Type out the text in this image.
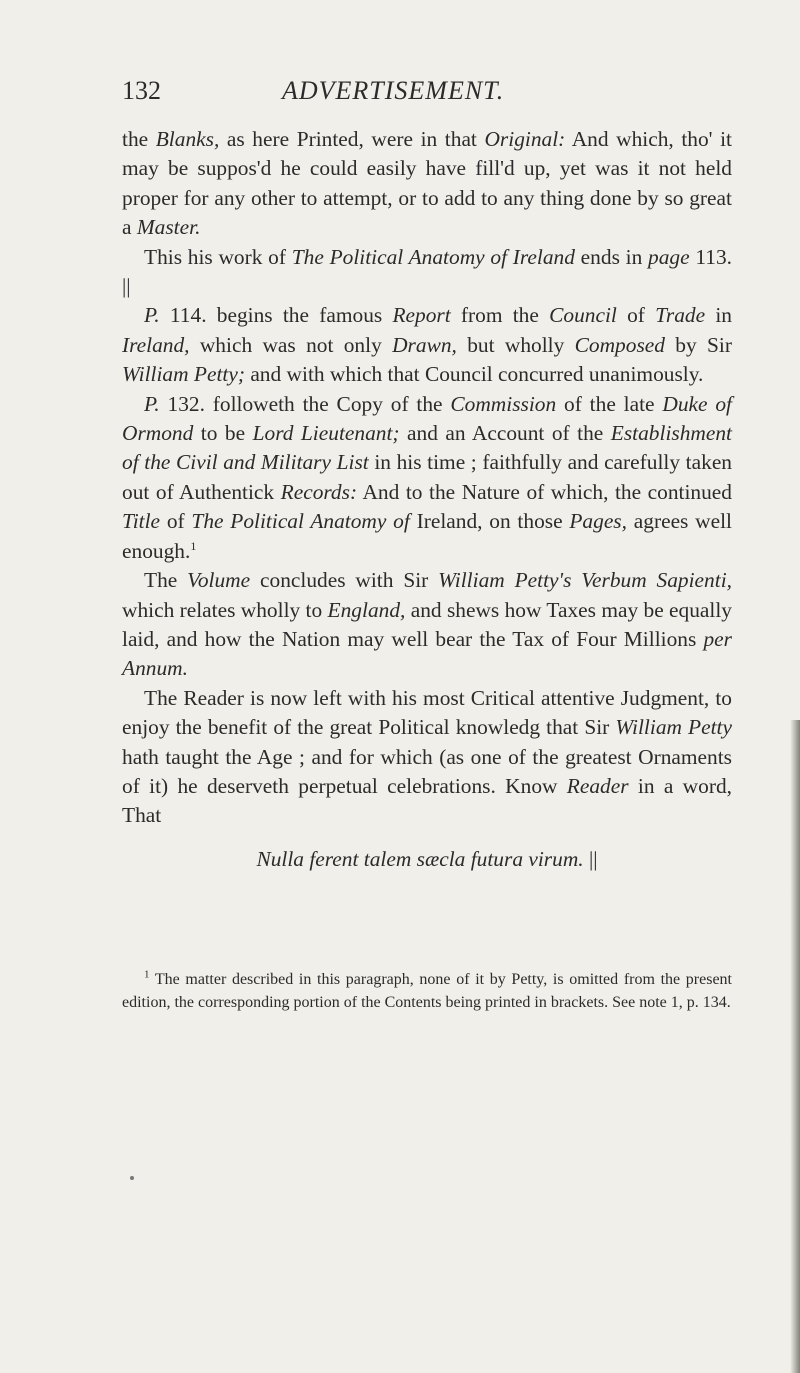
132	ADVERTISEMENT.

the Blanks, as here Printed, were in that Original: And which, tho' it may be suppos'd he could easily have fill'd up, yet was it not held proper for any other to attempt, or to add to any thing done by so great a Master.

This his work of The Political Anatomy of Ireland ends in page 113. ||

P. 114. begins the famous Report from the Council of Trade in Ireland, which was not only Drawn, but wholly Composed by Sir William Petty; and with which that Council concurred unanimously.

P. 132. followeth the Copy of the Commission of the late Duke of Ormond to be Lord Lieutenant; and an Account of the Establishment of the Civil and Military List in his time ; faithfully and carefully taken out of Authentick Records: And to the Nature of which, the continued Title of The Political Anatomy of Ireland, on those Pages, agrees well enough.$^1$

The Volume concludes with Sir William Petty's Verbum Sapienti, which relates wholly to England, and shews how Taxes may be equally laid, and how the Nation may well bear the Tax of Four Millions per Annum.

The Reader is now left with his most Critical attentive Judgment, to enjoy the benefit of the great Political knowledg that Sir William Petty hath taught the Age ; and for which (as one of the greatest Ornaments of it) he deserveth perpetual celebrations. Know Reader in a word, That

Nulla ferent talem sæcla futura virum. ||

$^1$ The matter described in this paragraph, none of it by Petty, is omitted from the present edition, the corresponding portion of the Contents being printed in brackets. See note 1, p. 134.
